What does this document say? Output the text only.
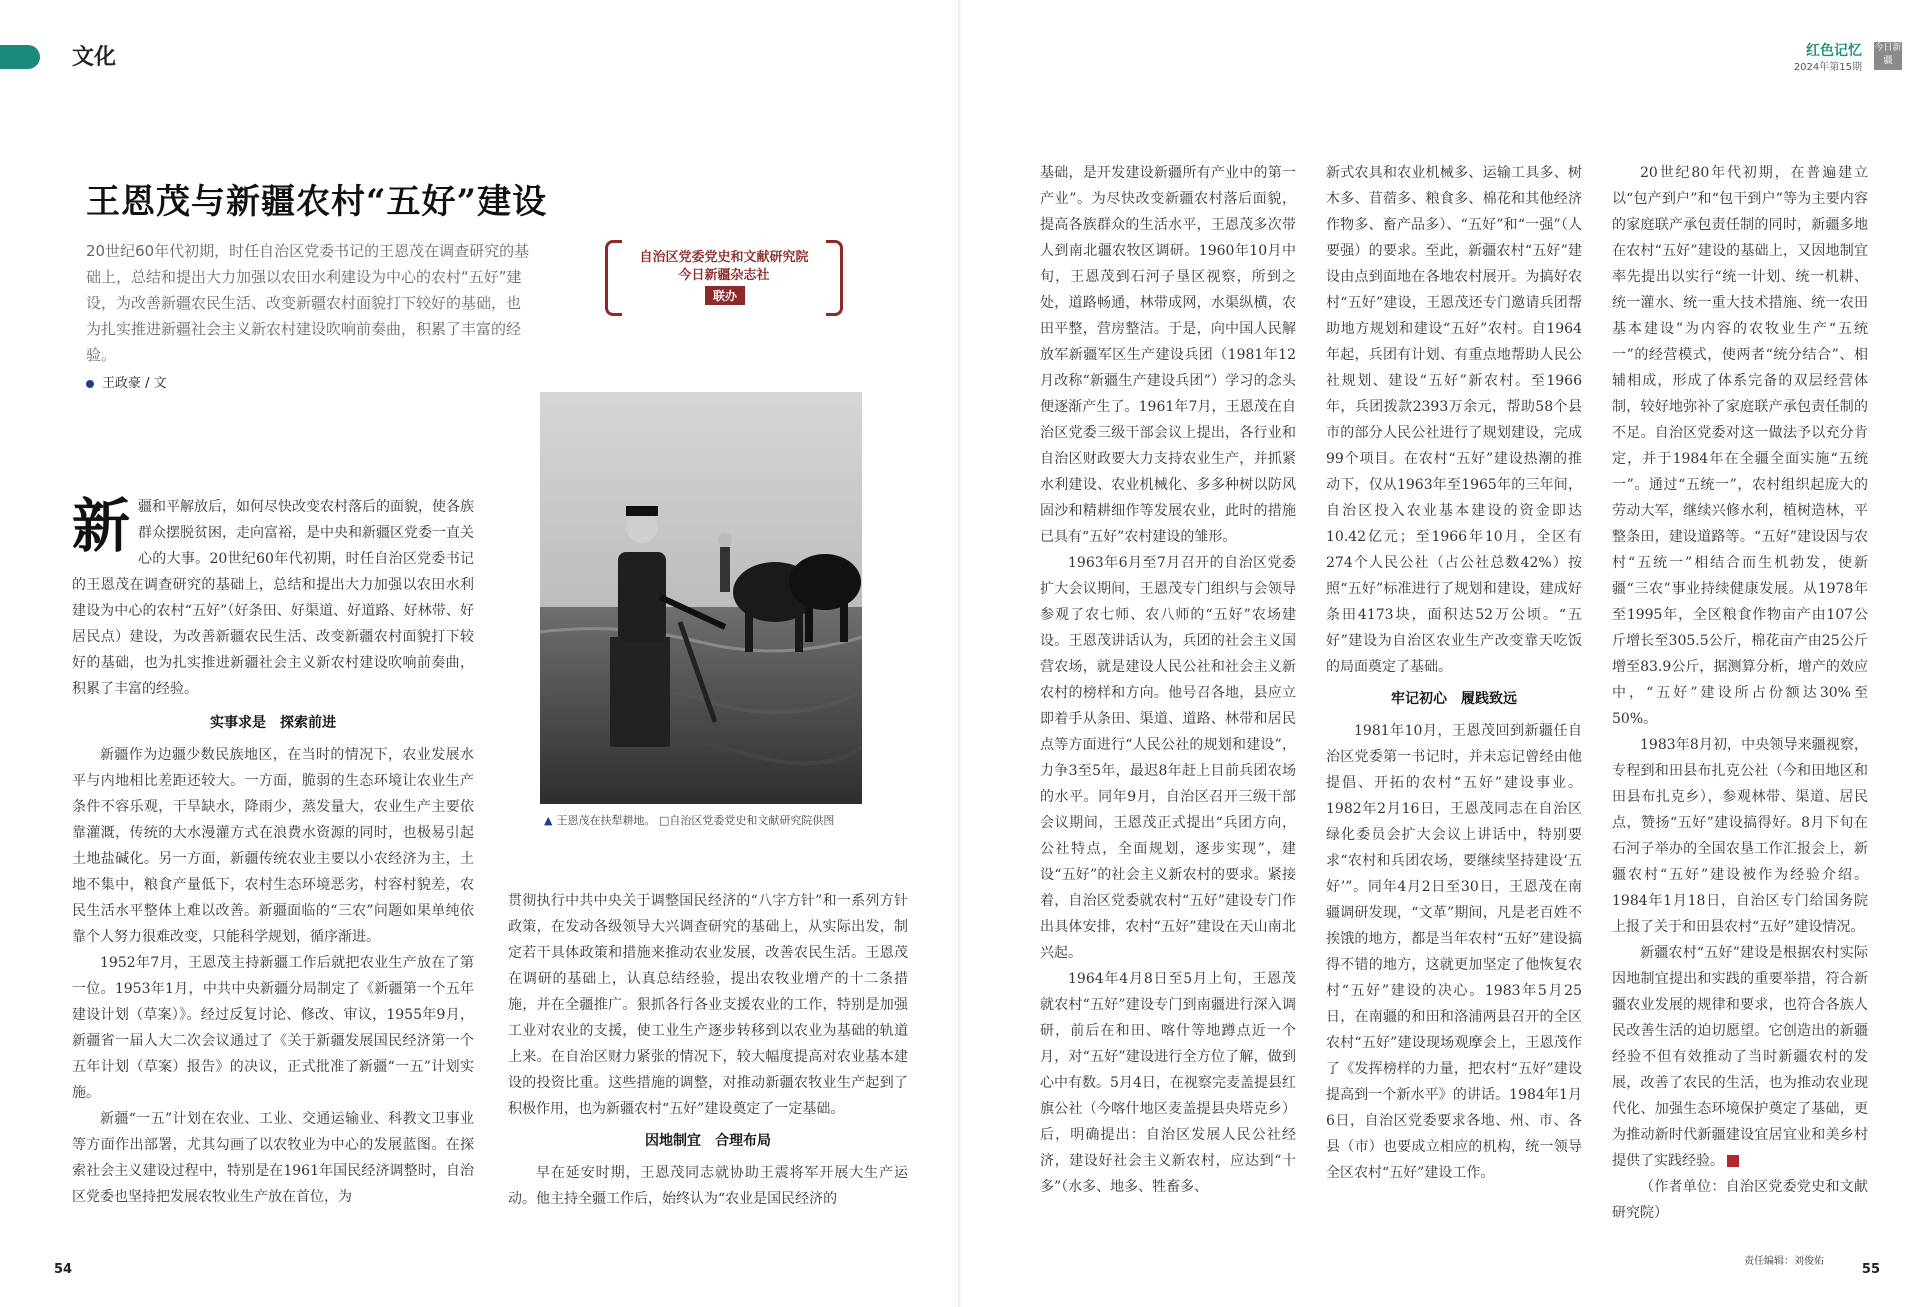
文化	红色记忆
2024年第15期
今日新疆
王恩茂与新疆农村“五好”建设

20世纪60年代初期，时任自治区党委书记的王恩茂在调查研究的基础上，总结和提出大力加强以农田水利建设为中心的农村“五好”建设，为改善新疆农民生活、改变新疆农村面貌打下较好的基础，也为扎实推进新疆社会主义新农村建设吹响前奏曲，积累了丰富的经验。

王政豪 / 文
自治区党委党史和文献研究院
今日新疆杂志社
联办
▲ 王恩茂在扶犁耕地。 □自治区党委党史和文献研究院供图

新疆和平解放后，如何尽快改变农村落后的面貌，使各族群众摆脱贫困，走向富裕，是中央和新疆区党委一直关心的大事。20世纪60年代初期，时任自治区党委书记的王恩茂在调查研究的基础上，总结和提出大力加强以农田水利建设为中心的农村“五好”（好条田、好渠道、好道路、好林带、好居民点）建设，为改善新疆农民生活、改变新疆农村面貌打下较好的基础，也为扎实推进新疆社会主义新农村建设吹响前奏曲，积累了丰富的经验。

实事求是　探索前进

新疆作为边疆少数民族地区，在当时的情况下，农业发展水平与内地相比差距还较大。一方面，脆弱的生态环境让农业生产条件不容乐观，干旱缺水，降雨少，蒸发量大，农业生产主要依靠灌溉，传统的大水漫灌方式在浪费水资源的同时，也极易引起土地盐碱化。另一方面，新疆传统农业主要以小农经济为主，土地不集中，粮食产量低下，农村生态环境恶劣，村容村貌差，农民生活水平整体上难以改善。新疆面临的“三农”问题如果单纯依靠个人努力很难改变，只能科学规划，循序渐进。

1952年7月，王恩茂主持新疆工作后就把农业生产放在了第一位。1953年1月，中共中央新疆分局制定了《新疆第一个五年建设计划（草案）》。经过反复讨论、修改、审议，1955年9月，新疆省一届人大二次会议通过了《关于新疆发展国民经济第一个五年计划（草案）报告》的决议，正式批准了新疆“一五”计划实施。

新疆“一五”计划在农业、工业、交通运输业、科教文卫事业等方面作出部署，尤其勾画了以农牧业为中心的发展蓝图。在探索社会主义建设过程中，特别是在1961年国民经济调整时，自治区党委也坚持把发展农牧业生产放在首位，为

贯彻执行中共中央关于调整国民经济的“八字方针”和一系列方针政策，在发动各级领导大兴调查研究的基础上，从实际出发，制定若干具体政策和措施来推动农业发展，改善农民生活。王恩茂在调研的基础上，认真总结经验，提出农牧业增产的十二条措施，并在全疆推广。狠抓各行各业支援农业的工作，特别是加强工业对农业的支援，使工业生产逐步转移到以农业为基础的轨道上来。在自治区财力紧张的情况下，较大幅度提高对农业基本建设的投资比重。这些措施的调整，对推动新疆农牧业生产起到了积极作用，也为新疆农村“五好”建设奠定了一定基础。

因地制宜　合理布局

早在延安时期，王恩茂同志就协助王震将军开展大生产运动。他主持全疆工作后，始终认为“农业是国民经济的

基础，是开发建设新疆所有产业中的第一产业”。为尽快改变新疆农村落后面貌，提高各族群众的生活水平，王恩茂多次带人到南北疆农牧区调研。1960年10月中旬，王恩茂到石河子垦区视察，所到之处，道路畅通，林带成网，水渠纵横，农田平整，营房整洁。于是，向中国人民解放军新疆军区生产建设兵团（1981年12月改称“新疆生产建设兵团”）学习的念头便逐渐产生了。1961年7月，王恩茂在自治区党委三级干部会议上提出，各行业和自治区财政要大力支持农业生产，并抓紧水利建设、农业机械化、多多种树以防风固沙和精耕细作等发展农业，此时的措施已具有“五好”农村建设的雏形。

1963年6月至7月召开的自治区党委扩大会议期间，王恩茂专门组织与会领导参观了农七师、农八师的“五好”农场建设。王恩茂讲话认为，兵团的社会主义国营农场，就是建设人民公社和社会主义新农村的榜样和方向。他号召各地，县应立即着手从条田、渠道、道路、林带和居民点等方面进行“人民公社的规划和建设”，力争3至5年，最迟8年赶上目前兵团农场的水平。同年9月，自治区召开三级干部会议期间，王恩茂正式提出“兵团方向，公社特点，全面规划，逐步实现”，建设“五好”的社会主义新农村的要求。紧接着，自治区党委就农村“五好”建设专门作出具体安排，农村“五好”建设在天山南北兴起。

1964年4月8日至5月上旬，王恩茂就农村“五好”建设专门到南疆进行深入调研，前后在和田、喀什等地蹲点近一个月，对“五好”建设进行全方位了解，做到心中有数。5月4日，在视察完麦盖提县红旗公社（今喀什地区麦盖提县央塔克乡）后，明确提出：自治区发展人民公社经济，建设好社会主义新农村，应达到“十多”（水多、地多、牲畜多、

新式农具和农业机械多、运输工具多、树木多、苜蓿多、粮食多、棉花和其他经济作物多、畜产品多）、“五好”和“一强”（人要强）的要求。至此，新疆农村“五好”建设由点到面地在各地农村展开。为搞好农村“五好”建设，王恩茂还专门邀请兵团帮助地方规划和建设“五好”农村。自1964年起，兵团有计划、有重点地帮助人民公社规划、建设“五好”新农村。至1966年，兵团拨款2393万余元，帮助58个县市的部分人民公社进行了规划建设，完成99个项目。在农村“五好”建设热潮的推动下，仅从1963年至1965年的三年间，自治区投入农业基本建设的资金即达10.42亿元；至1966年10月，全区有274个人民公社（占公社总数42%）按照“五好”标准进行了规划和建设，建成好条田4173块，面积达52万公顷。“五好”建设为自治区农业生产改变靠天吃饭的局面奠定了基础。

牢记初心　履践致远

1981年10月，王恩茂回到新疆任自治区党委第一书记时，并未忘记曾经由他提倡、开拓的农村“五好”建设事业。1982年2月16日，王恩茂同志在自治区绿化委员会扩大会议上讲话中，特别要求“农村和兵团农场，要继续坚持建设‘五好’”。同年4月2日至30日，王恩茂在南疆调研发现，“文革”期间，凡是老百姓不挨饿的地方，都是当年农村“五好”建设搞得不错的地方，这就更加坚定了他恢复农村“五好”建设的决心。1983年5月25日，在南疆的和田和洛浦两县召开的全区农村“五好”建设现场观摩会上，王恩茂作了《发挥榜样的力量，把农村“五好”建设提高到一个新水平》的讲话。1984年1月6日，自治区党委要求各地、州、市、各县（市）也要成立相应的机构，统一领导全区农村“五好”建设工作。

20世纪80年代初期，在普遍建立以“包产到户”和“包干到户”等为主要内容的家庭联产承包责任制的同时，新疆多地在农村“五好”建设的基础上，又因地制宜率先提出以实行“统一计划、统一机耕、统一灌水、统一重大技术措施、统一农田基本建设”为内容的农牧业生产“五统一”的经营模式，使两者“统分结合”、相辅相成，形成了体系完备的双层经营体制，较好地弥补了家庭联产承包责任制的不足。自治区党委对这一做法予以充分肯定，并于1984年在全疆全面实施“五统一”。通过“五统一”，农村组织起庞大的劳动大军，继续兴修水利，植树造林，平整条田，建设道路等。“五好”建设因与农村“五统一”相结合而生机勃发，使新疆“三农”事业持续健康发展。从1978年至1995年，全区粮食作物亩产由107公斤增长至305.5公斤，棉花亩产由25公斤增至83.9公斤，据测算分析，增产的效应中，“五好”建设所占份额达30%至50%。

1983年8月初，中央领导来疆视察，专程到和田县布扎克公社（今和田地区和田县布扎克乡），参观林带、渠道、居民点，赞扬“五好”建设搞得好。8月下旬在石河子举办的全国农垦工作汇报会上，新疆农村“五好”建设被作为经验介绍。1984年1月18日，自治区专门给国务院上报了关于和田县农村“五好”建设情况。

新疆农村“五好”建设是根据农村实际因地制宜提出和实践的重要举措，符合新疆农业发展的规律和要求，也符合各族人民改善生活的迫切愿望。它创造出的新疆经验不但有效推动了当时新疆农村的发展，改善了农民的生活，也为推动农业现代化、加强生态环境保护奠定了基础，更为推动新时代新疆建设宜居宜业和美乡村提供了实践经验。

（作者单位：自治区党委党史和文献研究院）

54	55
责任编辑：刘俊佑
